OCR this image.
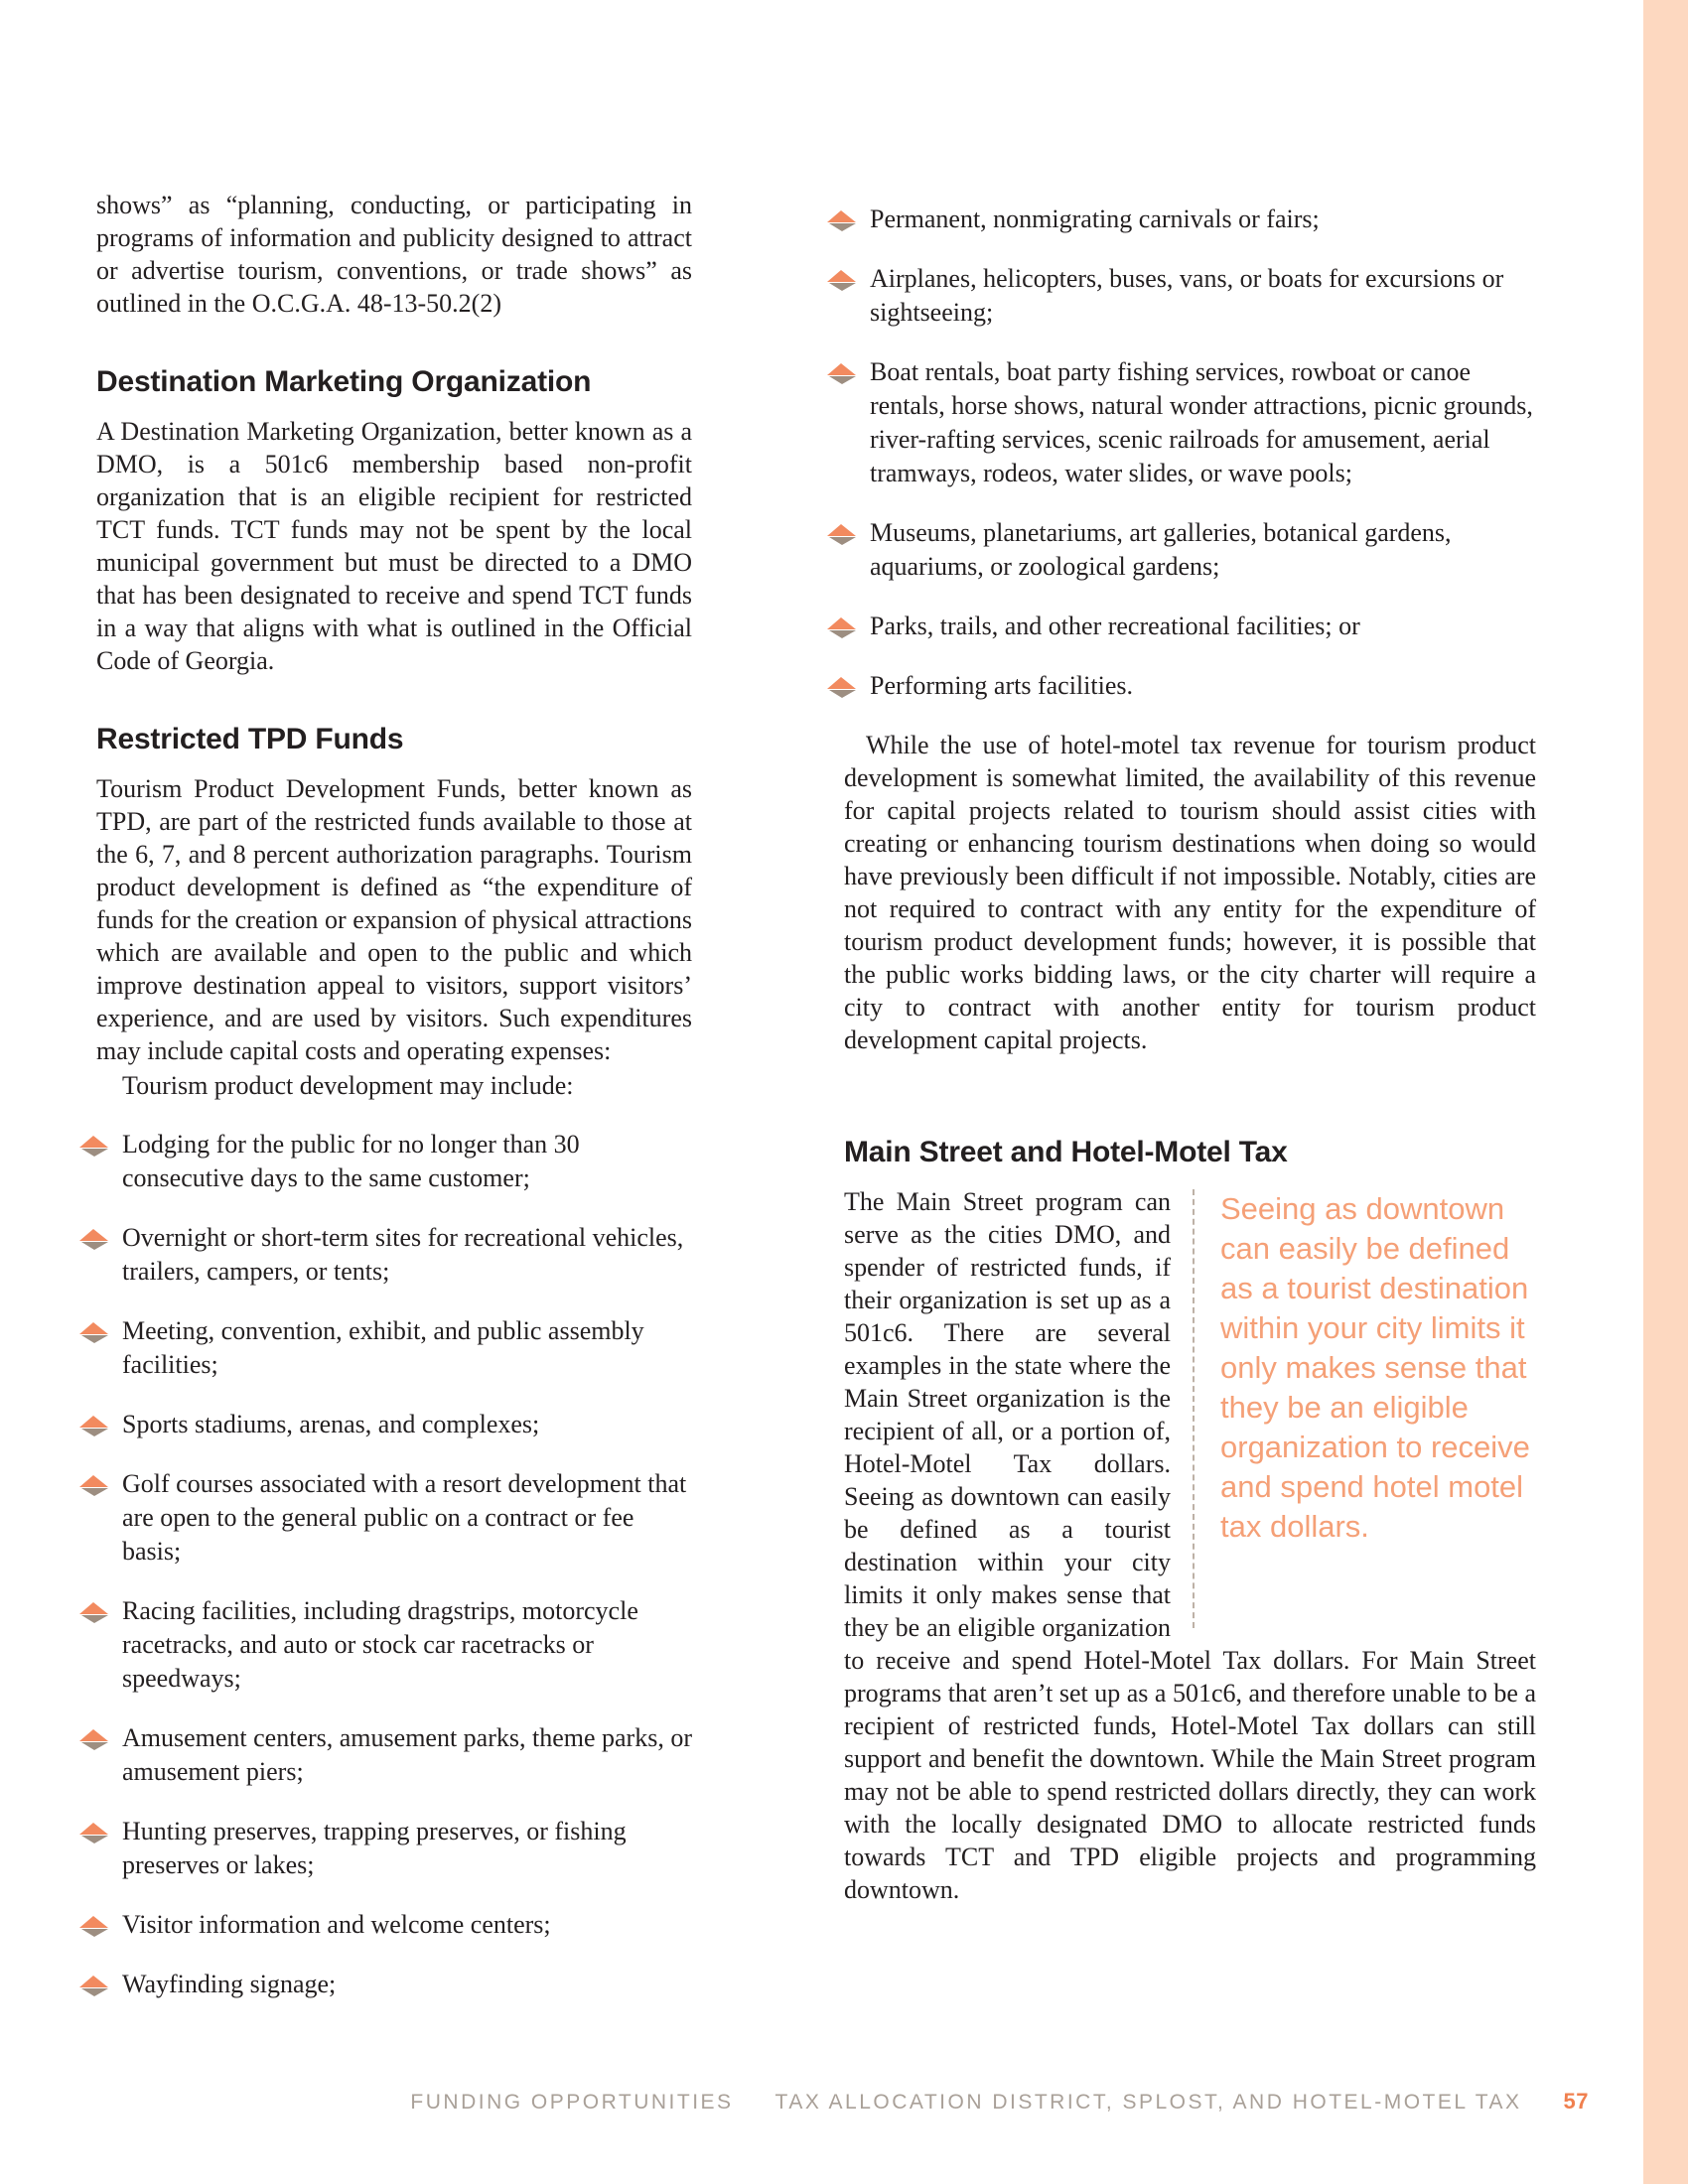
shows” as “planning, conducting, or participating in programs of information and publicity designed to attract or advertise tourism, conventions, or trade shows” as outlined in the O.C.G.A. 48-13-50.2(2)

Destination Marketing Organization

A Destination Marketing Organization, better known as a DMO, is a 501c6 membership based non-profit organization that is an eligible recipient for restricted TCT funds. TCT funds may not be spent by the local municipal government but must be directed to a DMO that has been designated to receive and spend TCT funds in a way that aligns with what is outlined in the Official Code of Georgia.

Restricted TPD Funds

Tourism Product Development Funds, better known as TPD, are part of the restricted funds available to those at the 6, 7, and 8 percent authorization paragraphs. Tourism product development is defined as “the expenditure of funds for the creation or expansion of physical attractions which are available and open to the public and which improve destination appeal to visitors, support visitors’ experience, and are used by visitors. Such expenditures may include capital costs and operating expenses:

Tourism product development may include:

Lodging for the public for no longer than 30 consecutive days to the same customer;
Overnight or short-term sites for recreational vehicles, trailers, campers, or tents;
Meeting, convention, exhibit, and public assembly facilities;
Sports stadiums, arenas, and complexes;
Golf courses associated with a resort development that are open to the general public on a contract or fee basis;
Racing facilities, including dragstrips, motorcycle racetracks, and auto or stock car racetracks or speedways;
Amusement centers, amusement parks, theme parks, or amusement piers;
Hunting preserves, trapping preserves, or fishing preserves or lakes;
Visitor information and welcome centers;
Wayfinding signage;
Permanent, nonmigrating carnivals or fairs;
Airplanes, helicopters, buses, vans, or boats for excursions or sightseeing;
Boat rentals, boat party fishing services, rowboat or canoe rentals, horse shows, natural wonder attractions, picnic grounds, river-rafting services, scenic railroads for amusement, aerial tramways, rodeos, water slides, or wave pools;
Museums, planetariums, art galleries, botanical gardens, aquariums, or zoological gardens;
Parks, trails, and other recreational facilities; or
Performing arts facilities.

While the use of hotel-motel tax revenue for tourism product development is somewhat limited, the availability of this revenue for capital projects related to tourism should assist cities with creating or enhancing tourism destinations when doing so would have previously been difficult if not impossible. Notably, cities are not required to contract with any entity for the expenditure of tourism product development funds; however, it is possible that the public works bidding laws, or the city charter will require a city to contract with another entity for tourism product development capital projects.

Main Street and Hotel-Motel Tax
Seeing as downtown can easily be defined as a tourist destination within your city limits it only makes sense that they be an eligible organization to receive and spend hotel motel tax dollars.

The Main Street program can serve as the cities DMO, and spender of restricted funds, if their organization is set up as a 501c6. There are several examples in the state where the Main Street organization is the recipient of all, or a portion of, Hotel-Motel Tax dollars. Seeing as downtown can easily be defined as a tourist destination within your city limits it only makes sense that they be an eligible organization to receive and spend Hotel-Motel Tax dollars. For Main Street programs that aren’t set up as a 501c6, and therefore unable to be a recipient of restricted funds, Hotel-Motel Tax dollars can still support and benefit the downtown. While the Main Street program may not be able to spend restricted dollars directly, they can work with the locally designated DMO to allocate restricted funds towards TCT and TPD eligible projects and programming downtown.

FUNDING OPPORTUNITIES TAX ALLOCATION DISTRICT, SPLOST, AND HOTEL-MOTEL TAX 57
